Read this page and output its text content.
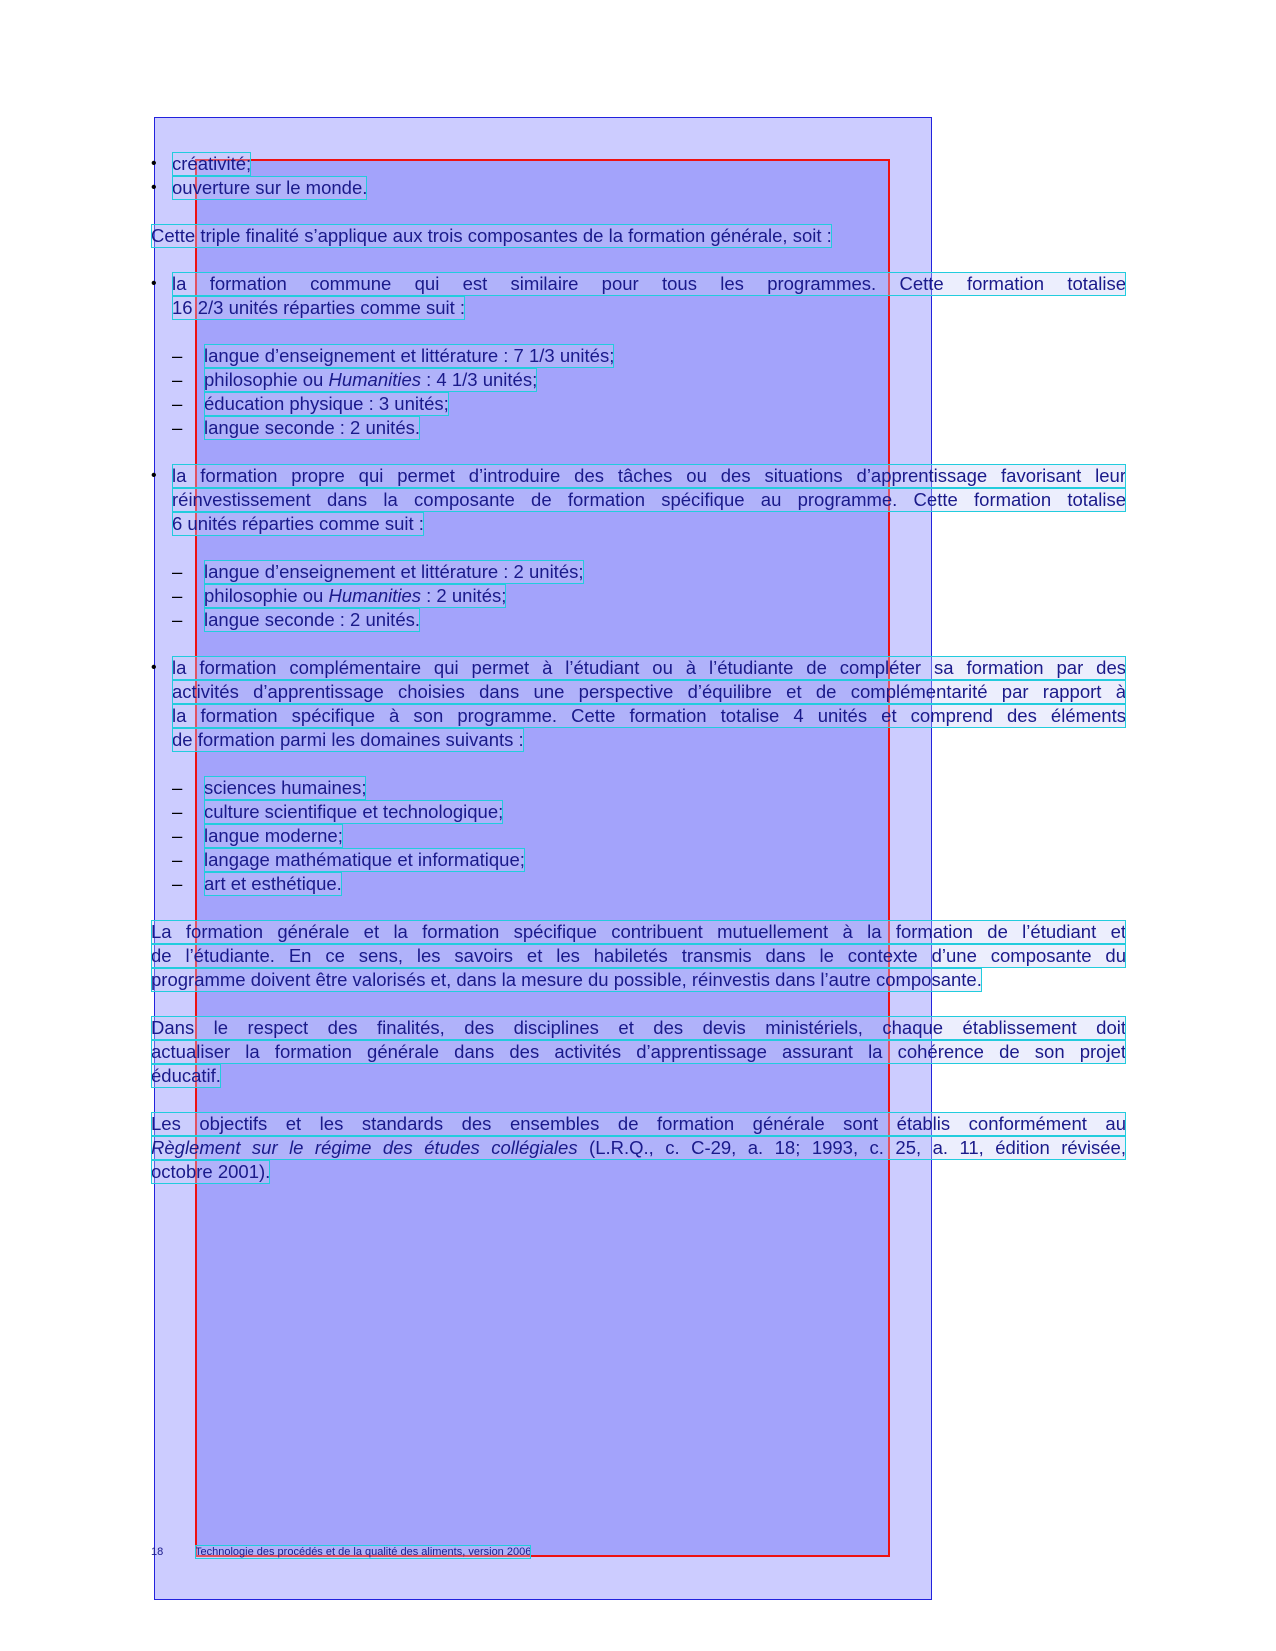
• créativité;
• ouverture sur le monde.
Cette triple finalité s’applique aux trois composantes de la formation générale, soit :
• la formation commune qui est similaire pour tous les programmes. Cette formation totalise
16 2/3 unités réparties comme suit :
– langue d’enseignement et littérature : 7 1/3 unités;
– philosophie ou Humanities : 4 1/3 unités;
– éducation physique : 3 unités;
– langue seconde : 2 unités.
• la formation propre qui permet d’introduire des tâches ou des situations d’apprentissage favorisant leur
réinvestissement dans la composante de formation spécifique au programme. Cette formation totalise
6 unités réparties comme suit :
– langue d’enseignement et littérature : 2 unités;
– philosophie ou Humanities : 2 unités;
– langue seconde : 2 unités.
• la formation complémentaire qui permet à l’étudiant ou à l’étudiante de compléter sa formation par des
activités d’apprentissage choisies dans une perspective d’équilibre et de complémentarité par rapport à
la formation spécifique à son programme. Cette formation totalise 4 unités et comprend des éléments
de formation parmi les domaines suivants :
– sciences humaines;
– culture scientifique et technologique;
– langue moderne;
– langage mathématique et informatique;
– art et esthétique.
La formation générale et la formation spécifique contribuent mutuellement à la formation de l’étudiant et
de l’étudiante. En ce sens, les savoirs et les habiletés transmis dans le contexte d’une composante du
programme doivent être valorisés et, dans la mesure du possible, réinvestis dans l’autre composante.
Dans le respect des finalités, des disciplines et des devis ministériels, chaque établissement doit
actualiser la formation générale dans des activités d’apprentissage assurant la cohérence de son projet
éducatif.
Les objectifs et les standards des ensembles de formation générale sont établis conformément au
Règlement sur le régime des études collégiales (L.R.Q., c. C-29, a. 18; 1993, c. 25, a. 11, édition révisée,
octobre 2001).
18	Technologie des procédés et de la qualité des aliments, version 2006
